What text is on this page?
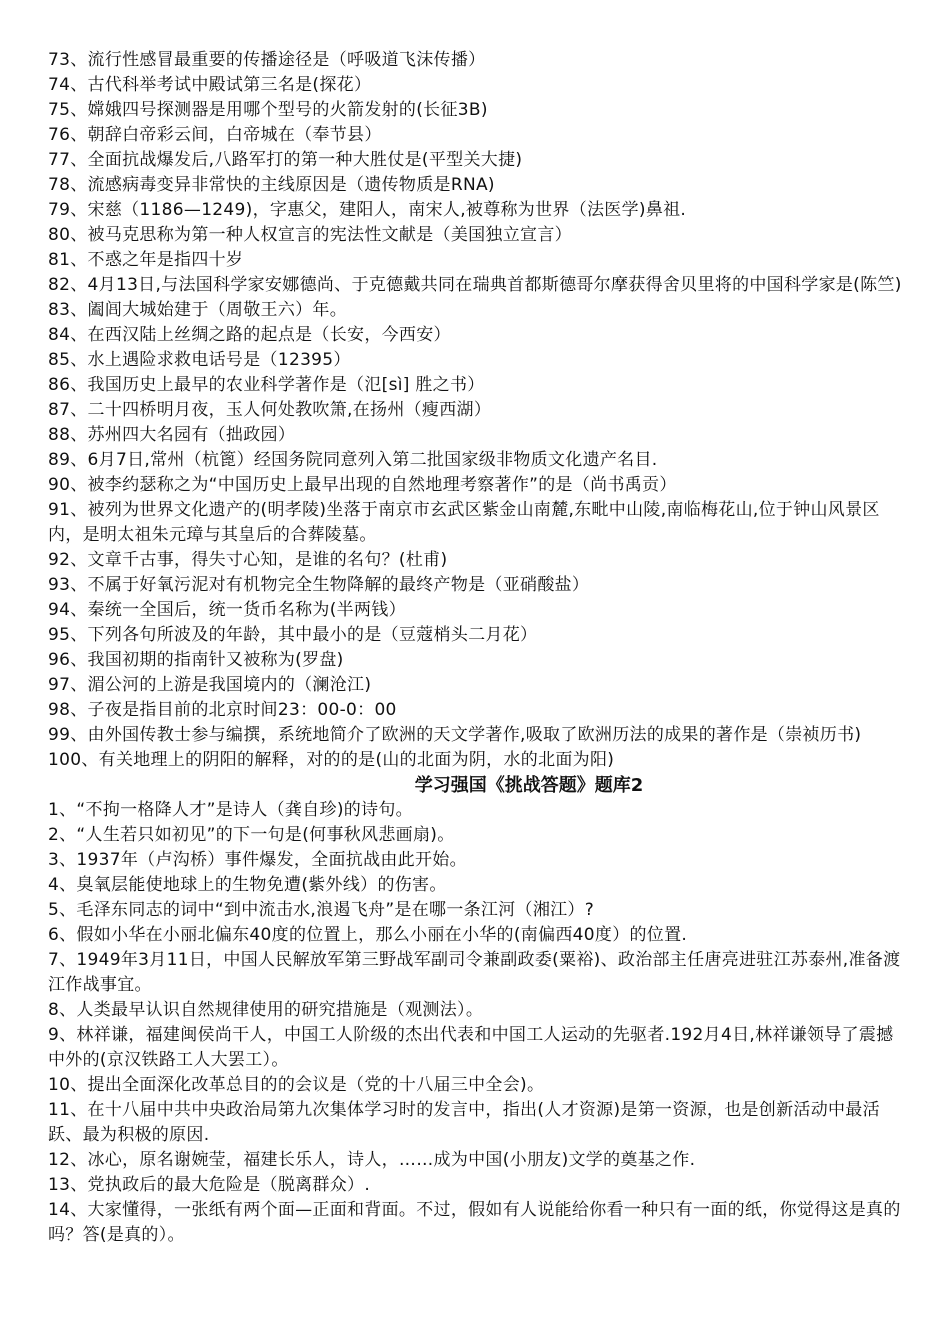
73、流行性感冒最重要的传播途径是（呼吸道飞沫传播）
74、古代科举考试中殿试第三名是(探花）
75、嫦娥四号探测器是用哪个型号的火箭发射的(长征3B)
76、朝辞白帝彩云间，白帝城在（奉节县）
77、全面抗战爆发后,八路军打的第一种大胜仗是(平型关大捷)
78、流感病毒变异非常快的主线原因是（遗传物质是RNA)
79、宋慈（1186—1249)，字惠父，建阳人，南宋人,被尊称为世界（法医学)鼻祖.
80、被马克思称为第一种人权宣言的宪法性文献是（美国独立宣言）
81、不惑之年是指四十岁
82、4月13日,与法国科学家安娜德尚、于克德戴共同在瑞典首都斯德哥尔摩获得舍贝里将的中国科学家是(陈竺)
83、阖闾大城始建于（周敬王六）年。
84、在西汉陆上丝绸之路的起点是（长安，今西安）
85、水上遇险求救电话号是（12395）
86、我国历史上最早的农业科学著作是（氾[sì] 胜之书）
87、二十四桥明月夜，玉人何处教吹箫,在扬州（瘦西湖）
88、苏州四大名园有（拙政园）
89、6月7日,常州（杭篦）经国务院同意列入第二批国家级非物质文化遗产名目.
90、被李约瑟称之为“中国历史上最早出现的自然地理考察著作”的是（尚书禹贡）
91、被列为世界文化遗产的(明孝陵)坐落于南京市玄武区紫金山南麓,东毗中山陵,南临梅花山,位于钟山风景区内，是明太祖朱元璋与其皇后的合葬陵墓。
92、文章千古事，得失寸心知，是谁的名句？(杜甫)
93、不属于好氧污泥对有机物完全生物降解的最终产物是（亚硝酸盐）
94、秦统一全国后，统一货币名称为(半两钱）
95、下列各句所波及的年龄，其中最小的是（豆蔻梢头二月花）
96、我国初期的指南针又被称为(罗盘)
97、湄公河的上游是我国境内的（澜沧江)
98、子夜是指目前的北京时间23：00-0：00
99、由外国传教士参与编撰，系统地简介了欧洲的天文学著作,吸取了欧洲历法的成果的著作是（崇祯历书)
100、有关地理上的阴阳的解释，对的的是(山的北面为阴，水的北面为阳)
学习强国《挑战答题》题库2
1、“不拘一格降人才”是诗人（龚自珍)的诗句。
2、“人生若只如初见”的下一句是(何事秋风悲画扇)。
3、1937年（卢沟桥）事件爆发，全面抗战由此开始。
4、臭氧层能使地球上的生物免遭(紫外线）的伤害。
5、毛泽东同志的词中“到中流击水,浪遏飞舟”是在哪一条江河（湘江）?
6、假如小华在小丽北偏东40度的位置上，那么小丽在小华的(南偏西40度）的位置.
7、1949年3月11日，中国人民解放军第三野战军副司令兼副政委(粟裕)、政治部主任唐亮进驻江苏泰州,准备渡江作战事宜。
8、人类最早认识自然规律使用的研究措施是（观测法）。
9、林祥谦，福建闽侯尚干人，中国工人阶级的杰出代表和中国工人运动的先驱者.192月4日,林祥谦领导了震撼中外的(京汉铁路工人大罢工）。
10、提出全面深化改革总目的的会议是（党的十八届三中全会)。
11、在十八届中共中央政治局第九次集体学习时的发言中，指出(人才资源)是第一资源，也是创新活动中最活跃、最为积极的原因.
12、冰心，原名谢婉莹，福建长乐人，诗人，……成为中国(小朋友)文学的奠基之作.
13、党执政后的最大危险是（脱离群众）.
14、大家懂得，一张纸有两个面—正面和背面。不过，假如有人说能给你看一种只有一面的纸，你觉得这是真的吗？答(是真的）。
